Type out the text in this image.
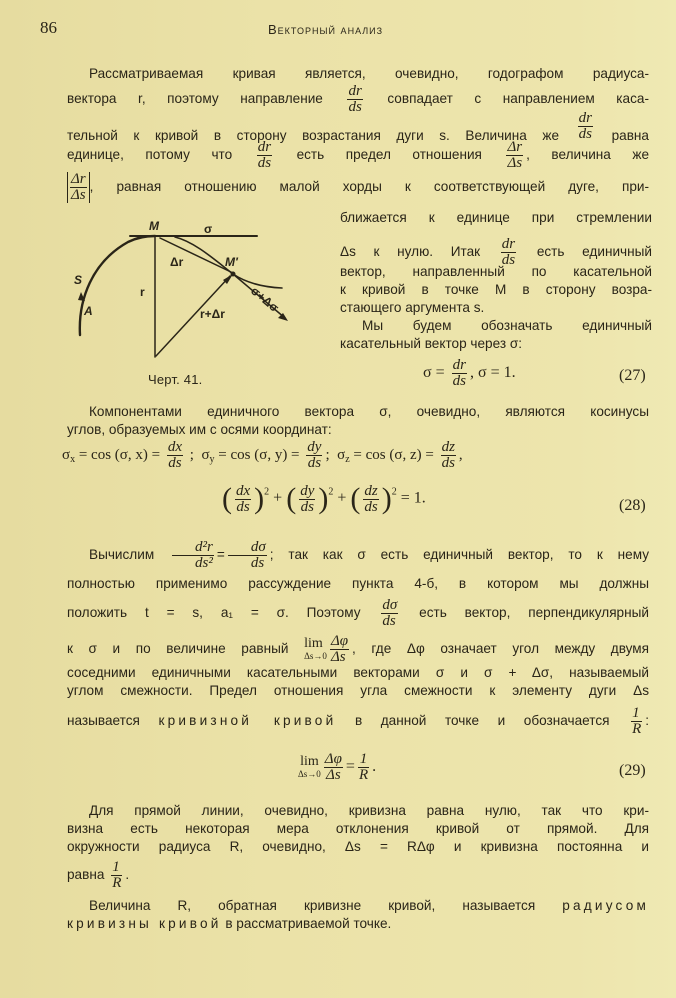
86	Векторный анализ
Рассматриваемая кривая является, очевидно, годографом радиуса-
вектора r, поэтому направление $\frac{dr}{ds}$ совпадает с направлением каса-
тельной к кривой в сторону возрастания дуги s. Величина же $\frac{dr}{ds}$ равна
единице, потому что $\frac{dr}{ds}$ есть предел отношения $\frac{\Delta r}{\Delta s}$ , величина же
$\frac{\Delta r}{\Delta s}$ , равная отношению малой хорды к соответствующей дуге, при-
M	σ
M′
Δr
r
r+Δr σ+Δσ
S
A
Черт. 41.
ближается к единице при стремлении
Δs к нулю. Итак $\frac{dr}{ds}$ есть единичный
вектор, направленный по касательной
к кривой в точке M в сторону возра-
стающего аргумента s.
Мы будем обозначать единичный
касательный вектор через σ:
$\sigma = \frac{dr}{ds}$ , σ = 1.	(27)
Компонентами единичного вектора σ, очевидно, являются косинусы
углов, образуемых им с осями координат:
$\sigma_x = \cos (\sigma$, $x) = \frac{dx}{ds}$ ;  $\sigma_y = \cos (\sigma$, $y) = \frac{dy}{ds}$ ;  $\sigma_z = \cos (\sigma$, $z) = \frac{dz}{ds}$ ,
( $\frac{dx}{ds} )^2$ + ( $\frac{dy}{ds} )^2$ + ( $\frac{dz}{ds} )^2 = 1$.	(28)
Вычислим $\frac{\text{d²r}}{\text{ds²}} = \frac{d\sigma}{ds}$ ; так как σ есть единичный вектор, то к нему
полностью применимо рассуждение пункта 4-б, в котором мы должны
положить t = s, a₁ = σ. Поэтому $\frac{d\sigma}{ds}$ есть вектор, перпендикулярный
к σ и по величине равный lim
$\Delta s\to 0 \frac{\Delta\varphi}{\Delta s}$ , где Δφ означает угол между двумя
соседними единичными касательными векторами σ и σ + Δσ, называемый
углом смежности. Предел отношения угла смежности к элементу дуги Δs
называется кривизной кривой в данной точке и обозначается $\frac{1}{R}$ :
lim
$\Delta s\to 0 \frac{\Delta\varphi}{\Delta s} = \frac{1}{R}$ .	(29)
Для прямой линии, очевидно, кривизна равна нулю, так что кри-
визна есть некоторая мера отклонения кривой от прямой. Для
окружности радиуса R, очевидно, Δs = RΔφ и кривизна постоянна и
равна $\frac{1}{R}$ .
Величина R, обратная кривизне кривой, называется радиусом
кривизны кривой в рассматриваемой точке.
